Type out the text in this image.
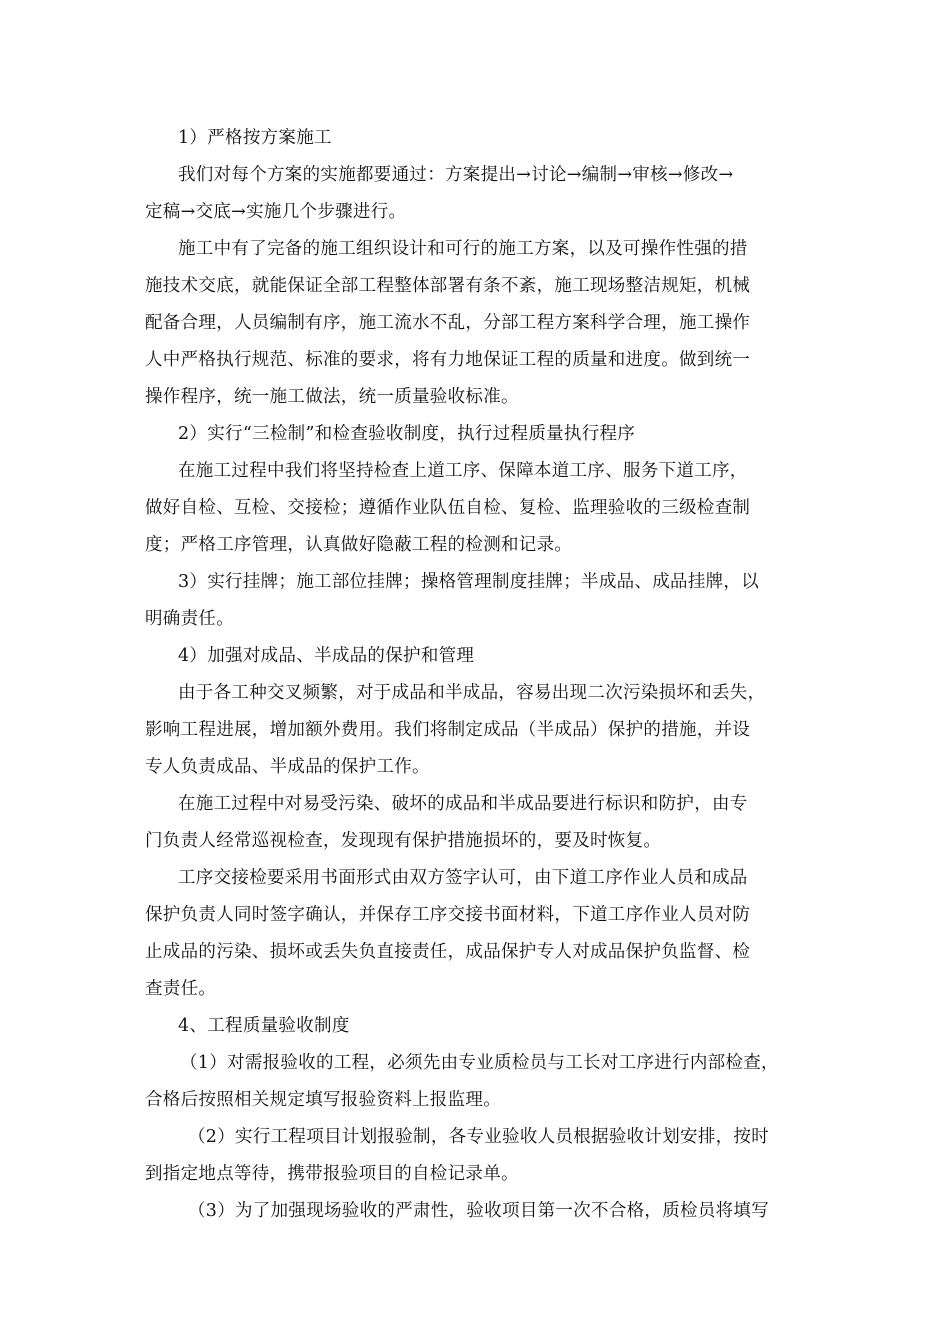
1）严格按方案施工
我们对每个方案的实施都要通过：方案提出→讨论→编制→审核→修改→
定稿→交底→实施几个步骤进行。
施工中有了完备的施工组织设计和可行的施工方案，以及可操作性强的措
施技术交底，就能保证全部工程整体部署有条不紊，施工现场整洁规矩，机械
配备合理，人员编制有序，施工流水不乱，分部工程方案科学合理，施工操作
人中严格执行规范、标准的要求，将有力地保证工程的质量和进度。做到统一
操作程序，统一施工做法，统一质量验收标准。
2）实行“三检制”和检查验收制度，执行过程质量执行程序
在施工过程中我们将坚持检查上道工序、保障本道工序、服务下道工序，
做好自检、互检、交接检；遵循作业队伍自检、复检、监理验收的三级检查制
度；严格工序管理，认真做好隐蔽工程的检测和记录。
3）实行挂牌；施工部位挂牌；操格管理制度挂牌；半成品、成品挂牌，以
明确责任。
4）加强对成品、半成品的保护和管理
由于各工种交叉频繁，对于成品和半成品，容易出现二次污染损坏和丢失，
影响工程进展，增加额外费用。我们将制定成品（半成品）保护的措施，并设
专人负责成品、半成品的保护工作。
在施工过程中对易受污染、破坏的成品和半成品要进行标识和防护，由专
门负责人经常巡视检查，发现现有保护措施损坏的，要及时恢复。
工序交接检要采用书面形式由双方签字认可，由下道工序作业人员和成品
保护负责人同时签字确认，并保存工序交接书面材料，下道工序作业人员对防
止成品的污染、损坏或丢失负直接责任，成品保护专人对成品保护负监督、检
查责任。
4、工程质量验收制度
（1）对需报验收的工程，必须先由专业质检员与工长对工序进行内部检查，
合格后按照相关规定填写报验资料上报监理。
（2）实行工程项目计划报验制，各专业验收人员根据验收计划安排，按时
到指定地点等待，携带报验项目的自检记录单。
（3）为了加强现场验收的严肃性，验收项目第一次不合格，质检员将填写
